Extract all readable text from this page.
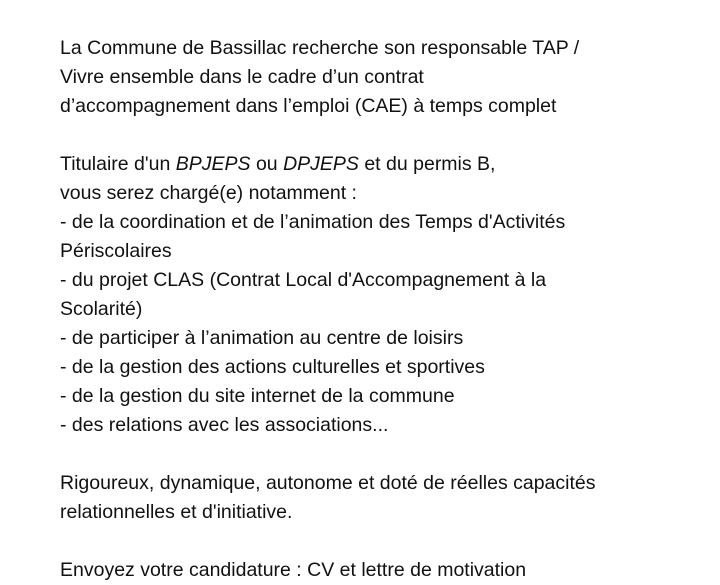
La Commune de Bassillac recherche son responsable TAP /
Vivre ensemble dans le cadre d’un contrat
d’accompagnement dans l’emploi (CAE) à temps complet
Titulaire d'un BPJEPS ou DPJEPS et du permis B,
vous serez chargé(e) notamment :
- de la coordination et de l’animation des Temps d'Activités
Périscolaires
- du projet CLAS (Contrat Local d'Accompagnement à la
Scolarité)
- de participer à l’animation au centre de loisirs
- de la gestion des actions culturelles et sportives
- de la gestion du site internet de la commune
- des relations avec les associations...
Rigoureux, dynamique, autonome et doté de réelles capacités
relationnelles et d'initiative.
Envoyez votre candidature : CV et lettre de motivation
